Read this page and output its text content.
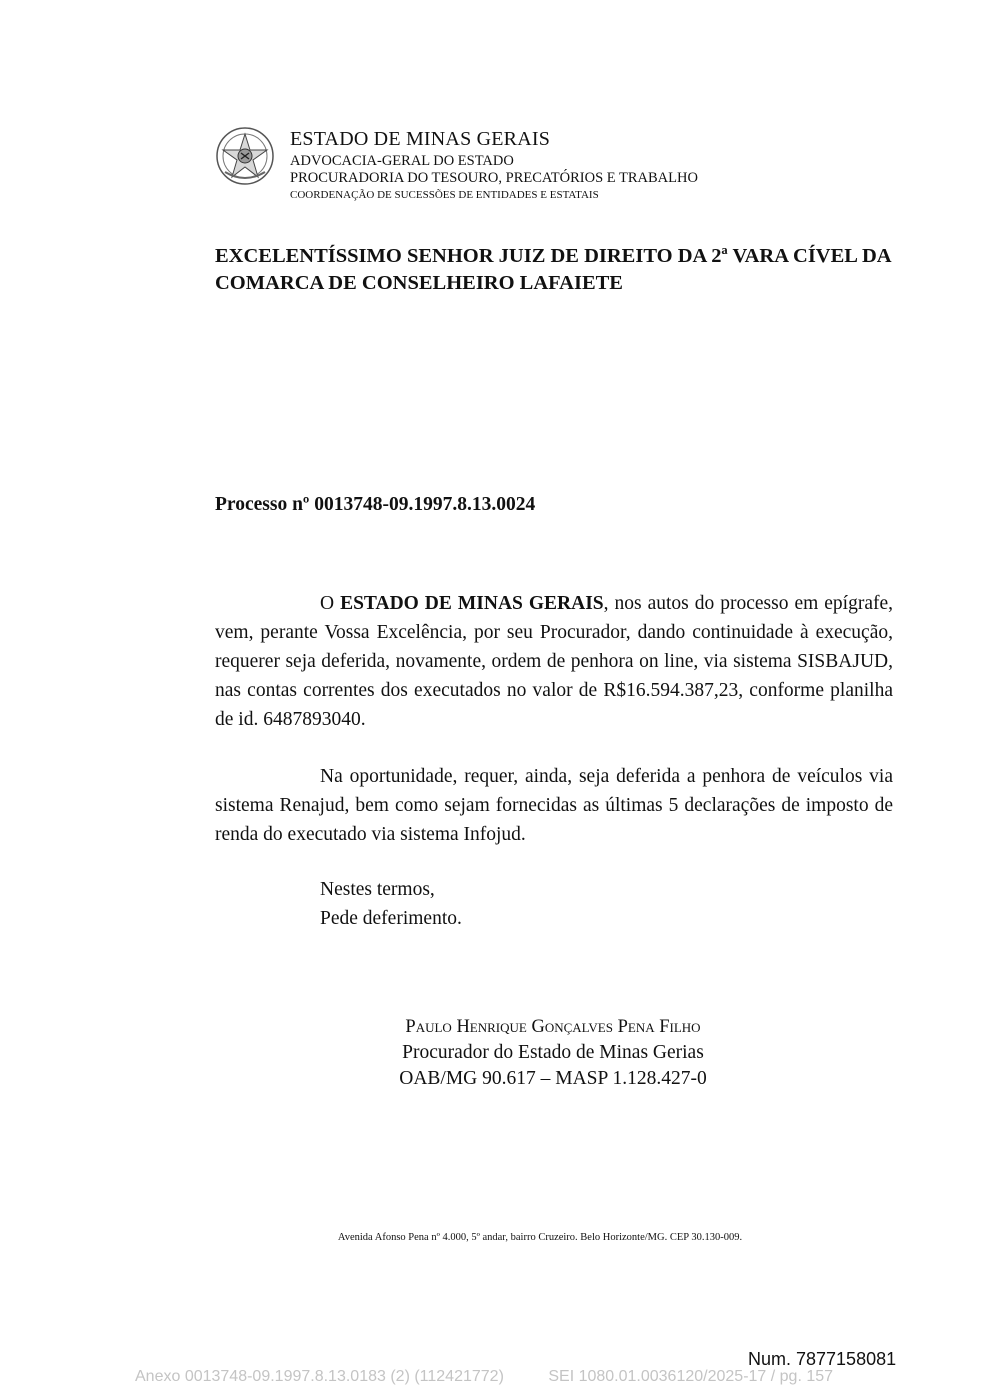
ESTADO DE MINAS GERAIS
ADVOCACIA-GERAL DO ESTADO
PROCURADORIA DO TESOURO, PRECATÓRIOS E TRABALHO
COORDENAÇÃO DE SUCESSÕES DE ENTIDADES E ESTATAIS
EXCELENTÍSSIMO SENHOR JUIZ DE DIREITO DA 2ª VARA CÍVEL DA COMARCA DE CONSELHEIRO LAFAIETE
Processo nº 0013748-09.1997.8.13.0024
O ESTADO DE MINAS GERAIS, nos autos do processo em epígrafe, vem, perante Vossa Excelência, por seu Procurador, dando continuidade à execução, requerer seja deferida, novamente, ordem de penhora on line, via sistema SISBAJUD, nas contas correntes dos executados no valor de R$16.594.387,23, conforme planilha de id. 6487893040.
Na oportunidade, requer, ainda, seja deferida a penhora de veículos via sistema Renajud, bem como sejam fornecidas as últimas 5 declarações de imposto de renda do executado via sistema Infojud.
Nestes termos,
Pede deferimento.
Paulo Henrique Gonçalves Pena Filho
Procurador do Estado de Minas Gerias
OAB/MG 90.617 – MASP 1.128.427-0
Avenida Afonso Pena nº 4.000, 5º andar, bairro Cruzeiro. Belo Horizonte/MG. CEP 30.130-009.
Num. 7877158081
Anexo 0013748-09.1997.8.13.0183 (2) (112421772)	SEI 1080.01.0036120/2025-17 / pg. 157
